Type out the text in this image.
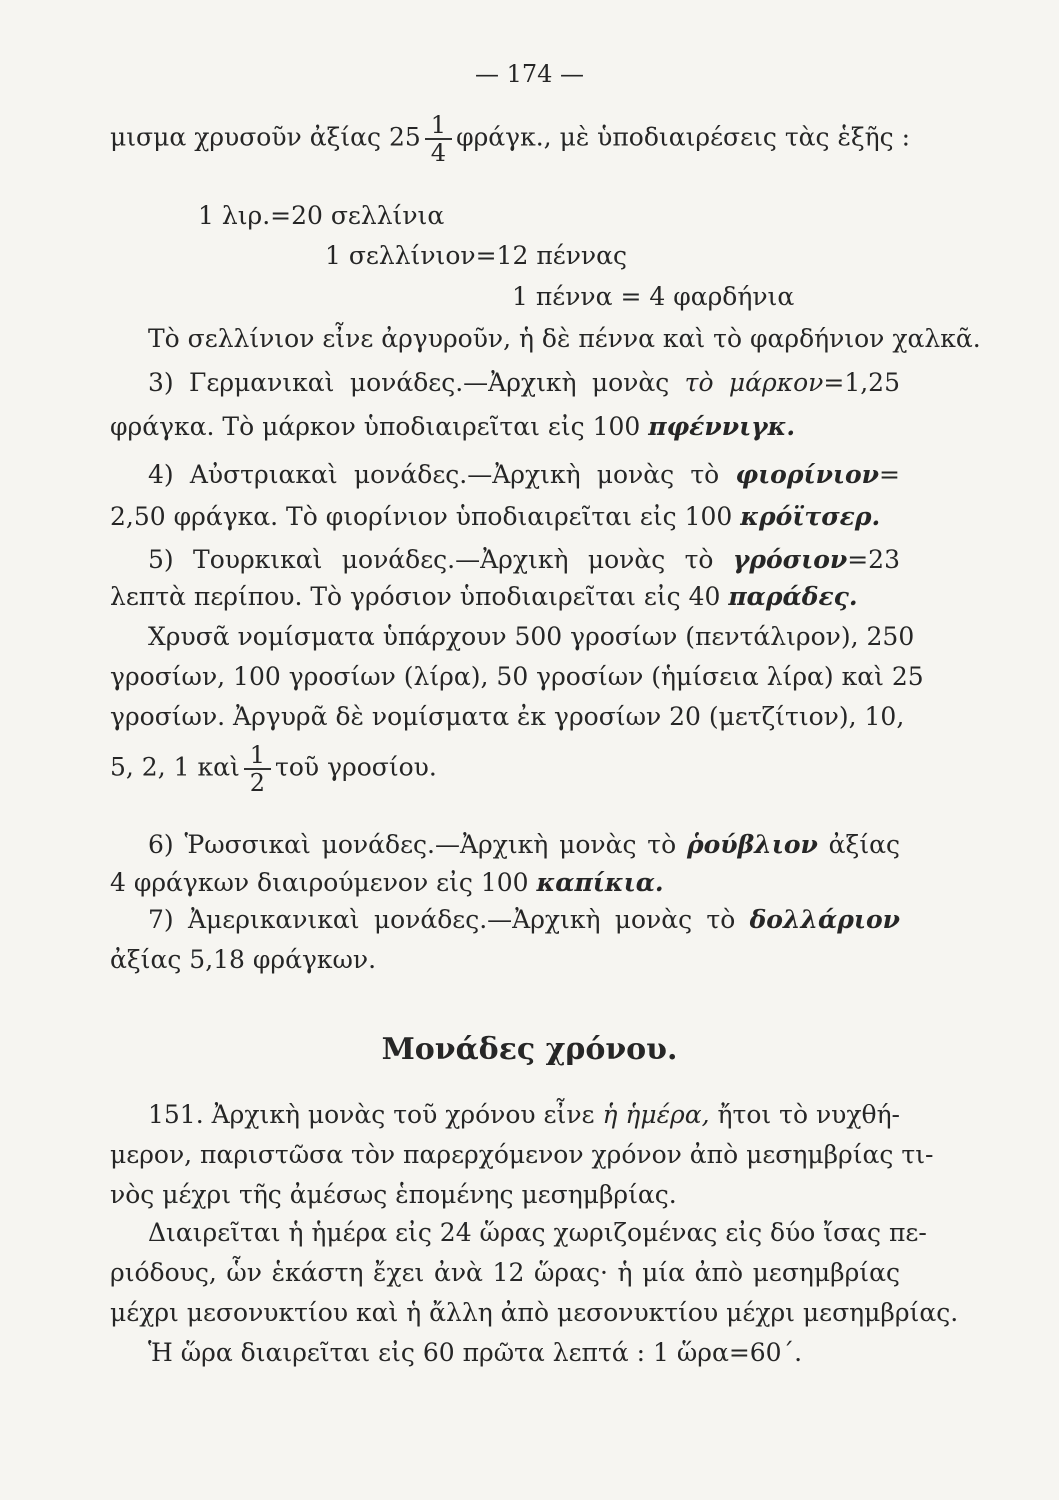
— 174 —
μισμα χρυσοῦν ἀξίας $25 \frac{1}{4} \varphi\rho ά\gamma\kappa$., μὲ ὑποδιαιρέσεις τὰς ἑξῆς :
1 λιρ.=20 σελλίνια
1 σελλίνιον=12 πέννας
1 πέννα = 4 φαρδήνια
Τὸ σελλίνιον εἶνε ἀργυροῦν, ἡ δὲ πέννα καὶ τὸ φαρδήνιον χαλκᾶ.
3) Γερμανικαὶ μονάδες.—Ἀρχικὴ μονὰς τὸ μάρκον=1,25
φράγκα. Τὸ μάρκον ὑποδιαιρεῖται εἰς 100 πφέννιγκ.
4) Αὐστριακαὶ μονάδες.—Ἀρχικὴ μονὰς τὸ φιορίνιον=
2,50 φράγκα. Τὸ φιορίνιον ὑποδιαιρεῖται εἰς 100 κρόϊτσερ.
5) Τουρκικαὶ μονάδες.—Ἀρχικὴ μονὰς τὸ γρόσιον=23
λεπτὰ περίπου. Τὸ γρόσιον ὑποδιαιρεῖται εἰς 40 παράδες.
Χρυσᾶ νομίσματα ὑπάρχουν 500 γροσίων (πεντάλιρον), 250
γροσίων, 100 γροσίων (λίρα), 50 γροσίων (ἡμίσεια λίρα) καὶ 25
γροσίων. Ἀργυρᾶ δὲ νομίσματα ἐκ γροσίων 20 (μετζίτιον), 10,
5, 2, 1 καὶ $\frac{1}{2}$ τοῦ γροσίου.
6) Ῥωσσικαὶ μονάδες.—Ἀρχικὴ μονὰς τὸ ῥούβλιον ἀξίας
4 φράγκων διαιρούμενον εἰς 100 καπίκια.
7) Ἀμερικανικαὶ μονάδες.—Ἀρχικὴ μονὰς τὸ δολλάριον
ἀξίας 5,18 φράγκων.
Μονάδες χρόνου.
151. Ἀρχικὴ μονὰς τοῦ χρόνου εἶνε ἡ ἡμέρα, ἤτοι τὸ νυχθή-
μερον, παριστῶσα τὸν παρερχόμενον χρόνον ἀπὸ μεσημβρίας τι-
νὸς μέχρι τῆς ἀμέσως ἑπομένης μεσημβρίας.
Διαιρεῖται ἡ ἡμέρα εἰς 24 ὥρας χωριζομένας εἰς δύο ἴσας πε-
ριόδους, ὧν ἑκάστη ἔχει ἀνὰ 12 ὥρας· ἡ μία ἀπὸ μεσημβρίας
μέχρι μεσονυκτίου καὶ ἡ ἄλλη ἀπὸ μεσονυκτίου μέχρι μεσημβρίας.
Ἡ ὥρα διαιρεῖται εἰς 60 πρῶτα λεπτά : 1 ὥρα=60΄.
